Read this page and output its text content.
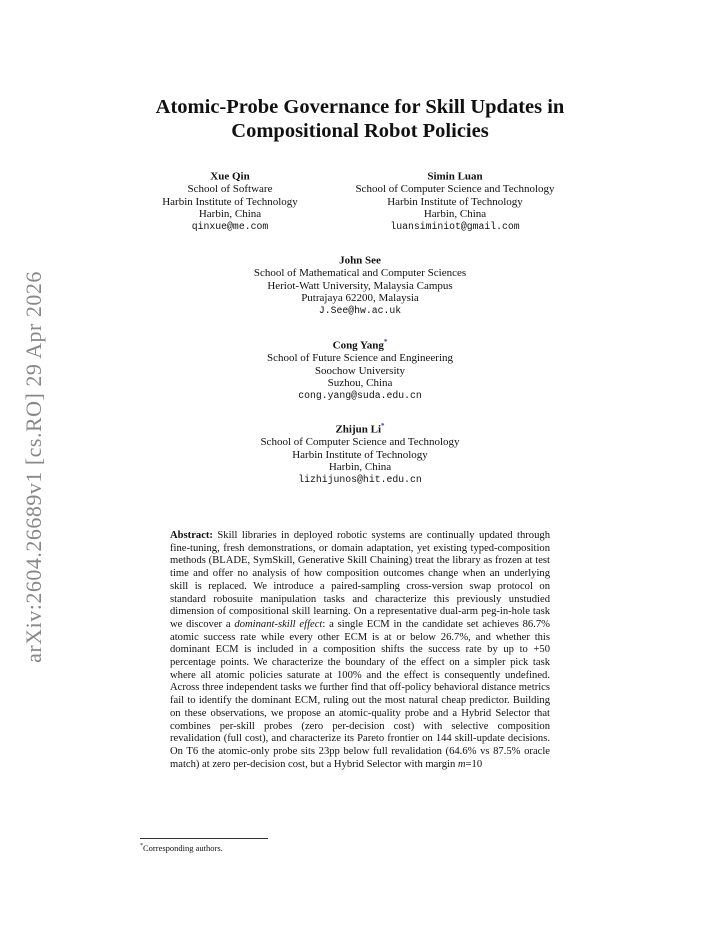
arXiv:2604.26689v1 [cs.RO] 29 Apr 2026
Atomic-Probe Governance for Skill Updates in
Compositional Robot Policies
Xue Qin
School of Software
Harbin Institute of Technology
Harbin, China
qinxue@me.com
Simin Luan
School of Computer Science and Technology
Harbin Institute of Technology
Harbin, China
luansiminiot@gmail.com
John See
School of Mathematical and Computer Sciences
Heriot-Watt University, Malaysia Campus
Putrajaya 62200, Malaysia
J.See@hw.ac.uk
Cong Yang*
School of Future Science and Engineering
Soochow University
Suzhou, China
cong.yang@suda.edu.cn
Zhijun Li*
School of Computer Science and Technology
Harbin Institute of Technology
Harbin, China
lizhijunos@hit.edu.cn
Abstract: Skill libraries in deployed robotic systems are continually updated through fine-tuning, fresh demonstrations, or domain adaptation, yet existing typed-composition methods (BLADE, SymSkill, Generative Skill Chaining) treat the library as frozen at test time and offer no analysis of how composition outcomes change when an underlying skill is replaced. We introduce a paired-sampling cross-version swap protocol on standard robosuite manipulation tasks and characterize this previously unstudied dimension of compositional skill learning. On a representative dual-arm peg-in-hole task we discover a dominant-skill effect: a single ECM in the candidate set achieves 86.7% atomic success rate while every other ECM is at or below 26.7%, and whether this dominant ECM is included in a composition shifts the success rate by up to +50 percentage points. We characterize the boundary of the effect on a simpler pick task where all atomic policies saturate at 100% and the effect is consequently undefined. Across three independent tasks we further find that off-policy behavioral distance metrics fail to identify the dominant ECM, ruling out the most natural cheap predictor. Building on these observations, we propose an atomic-quality probe and a Hybrid Selector that combines per-skill probes (zero per-decision cost) with selective composition revalidation (full cost), and characterize its Pareto frontier on 144 skill-update decisions. On T6 the atomic-only probe sits 23pp below full revalidation (64.6% vs 87.5% oracle match) at zero per-decision cost, but a Hybrid Selector with margin m=10
*Corresponding authors.
